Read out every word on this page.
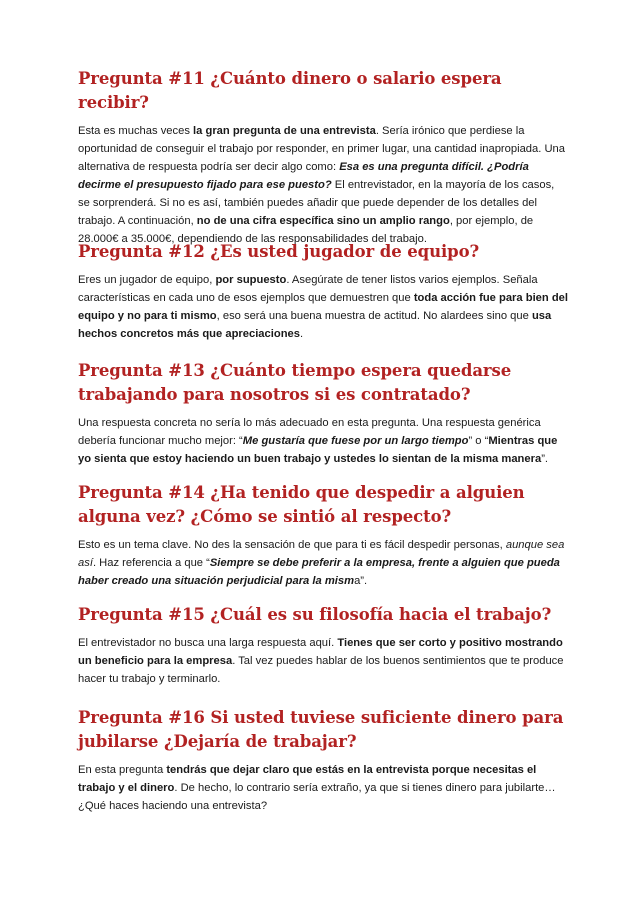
Pregunta #11 ¿Cuánto dinero o salario espera recibir?

Esta es muchas veces la gran pregunta de una entrevista. Sería irónico que perdiese la oportunidad de conseguir el trabajo por responder, en primer lugar, una cantidad inapropiada. Una alternativa de respuesta podría ser decir algo como: Esa es una pregunta difícil. ¿Podría decirme el presupuesto fijado para ese puesto? El entrevistador, en la mayoría de los casos, se sorprenderá. Si no es así, también puedes añadir que puede depender de los detalles del trabajo. A continuación, no de una cifra específica sino un amplio rango, por ejemplo, de 28.000€ a 35.000€, dependiendo de las responsabilidades del trabajo.

Pregunta #12 ¿Es usted jugador de equipo?

Eres un jugador de equipo, por supuesto. Asegúrate de tener listos varios ejemplos. Señala características en cada uno de esos ejemplos que demuestren que toda acción fue para bien del equipo y no para ti mismo, eso será una buena muestra de actitud. No alardees sino que usa hechos concretos más que apreciaciones.

Pregunta #13 ¿Cuánto tiempo espera quedarse trabajando para nosotros si es contratado?

Una respuesta concreta no sería lo más adecuado en esta pregunta. Una respuesta genérica debería funcionar mucho mejor: “Me gustaría que fuese por un largo tiempo” o “Mientras que yo sienta que estoy haciendo un buen trabajo y ustedes lo sientan de la misma manera”.

Pregunta #14 ¿Ha tenido que despedir a alguien alguna vez? ¿Cómo se sintió al respecto?

Esto es un tema clave. No des la sensación de que para ti es fácil despedir personas, aunque sea así. Haz referencia a que “Siempre se debe preferir a la empresa, frente a alguien que pueda haber creado una situación perjudicial para la misma”.

Pregunta #15 ¿Cuál es su filosofía hacia el trabajo?

El entrevistador no busca una larga respuesta aquí. Tienes que ser corto y positivo mostrando un beneficio para la empresa. Tal vez puedes hablar de los buenos sentimientos que te produce hacer tu trabajo y terminarlo.

Pregunta #16 Si usted tuviese suficiente dinero para jubilarse ¿Dejaría de trabajar?

En esta pregunta tendrás que dejar claro que estás en la entrevista porque necesitas el trabajo y el dinero. De hecho, lo contrario sería extraño, ya que si tienes dinero para jubilarte… ¿Qué haces haciendo una entrevista?
